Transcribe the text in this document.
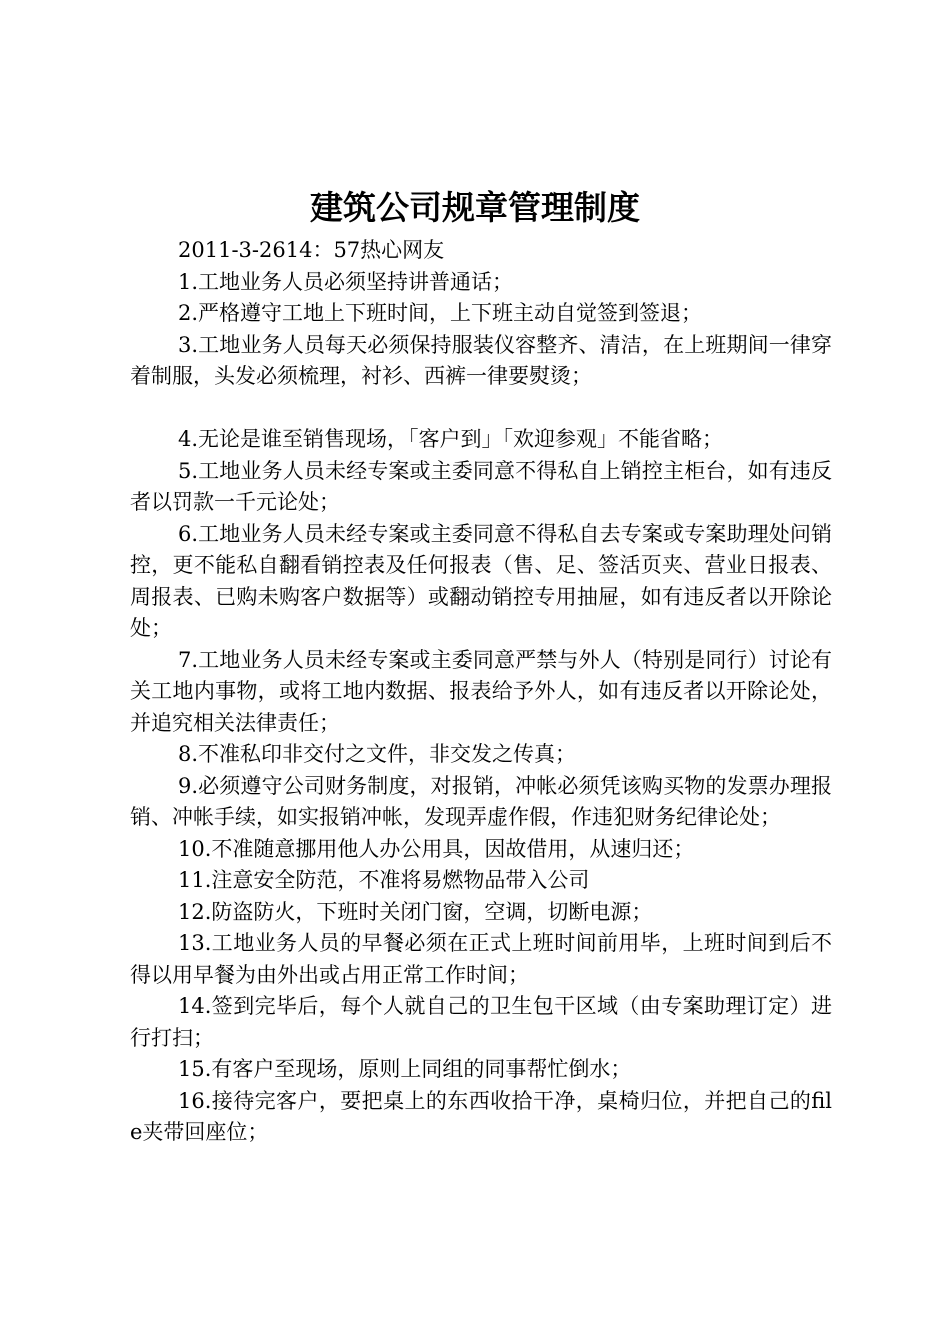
建筑公司规章管理制度

2011-3-2614：57热心网友

1.工地业务人员必须坚持讲普通话；

2.严格遵守工地上下班时间，上下班主动自觉签到签退；

3.工地业务人员每天必须保持服装仪容整齐、清洁，在上班期间一律穿着制服，头发必须梳理，衬衫、西裤一律要熨烫；

4.无论是谁至销售现场，「客户到」「欢迎参观」不能省略；

5.工地业务人员未经专案或主委同意不得私自上销控主柜台，如有违反者以罚款一千元论处；

6.工地业务人员未经专案或主委同意不得私自去专案或专案助理处问销控，更不能私自翻看销控表及任何报表（售、足、签活页夹、营业日报表、周报表、已购未购客户数据等）或翻动销控专用抽屉，如有违反者以开除论处；

7.工地业务人员未经专案或主委同意严禁与外人（特别是同行）讨论有关工地内事物，或将工地内数据、报表给予外人，如有违反者以开除论处，并追究相关法律责任；

8.不准私印非交付之文件，非交发之传真；

9.必须遵守公司财务制度，对报销，冲帐必须凭该购买物的发票办理报销、冲帐手续，如实报销冲帐，发现弄虚作假，作违犯财务纪律论处；

10.不准随意挪用他人办公用具，因故借用，从速归还；

11.注意安全防范，不准将易燃物品带入公司

12.防盗防火，下班时关闭门窗，空调，切断电源；

13.工地业务人员的早餐必须在正式上班时间前用毕，上班时间到后不得以用早餐为由外出或占用正常工作时间；

14.签到完毕后，每个人就自己的卫生包干区域（由专案助理订定）进行打扫；

15.有客户至现场，原则上同组的同事帮忙倒水；

16.接待完客户，要把桌上的东西收拾干净，桌椅归位，并把自己的file夹带回座位；
